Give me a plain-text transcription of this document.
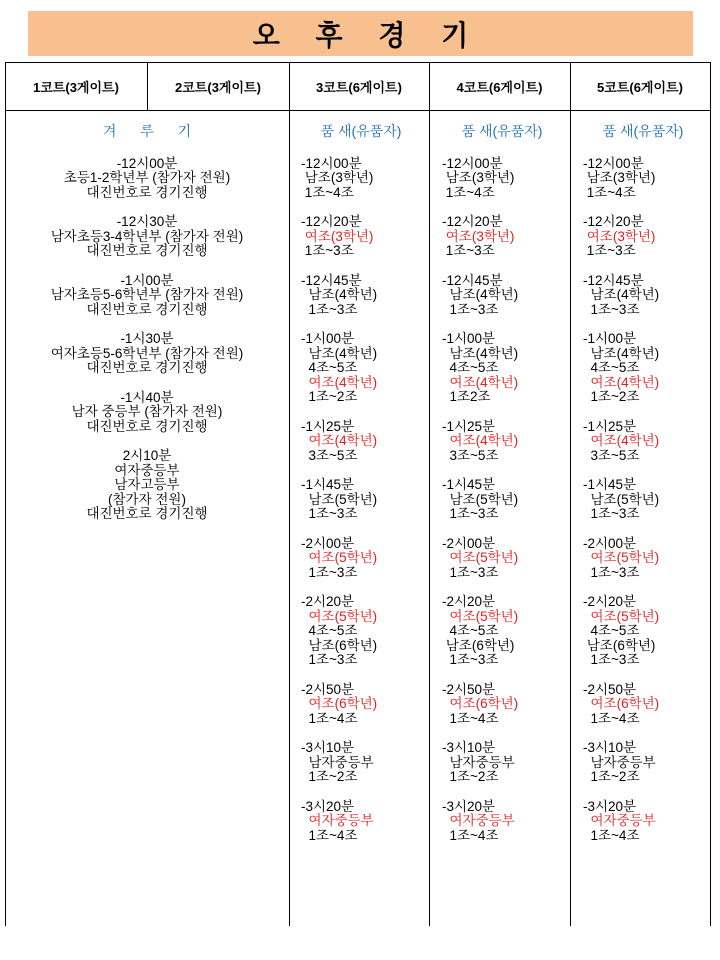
오 후 경 기
1코트(3게이트)	2코트(3게이트)	3코트(6게이트)	4코트(6게이트)	5코트(6게이트)
겨 루 기
-12시00분
초등1-2학년부 (참가자 전원)
대진번호로 경기진행
-12시30분
남자초등3-4학년부 (참가자 전원)
대진번호로 경기진행
-1시00분
남자초등5-6학년부 (참가자 전원)
대진번호로 경기진행
-1시30분
여자초등5-6학년부 (참가자 전원)
대진번호로 경기진행
-1시40분
남자 중등부 (참가자 전원)
대진번호로 경기진행
2시10분
여자중등부
남자고등부
(참가자 전원)
대진번호로 경기진행
품 새(유품자)
-12시00분
남조(3학년)
1조~4조
-12시20분
여조(3학년)
1조~3조
-12시45분
남조(4학년)
1조~3조
-1시00분
남조(4학년)
4조~5조
여조(4학년)
1조~2조
-1시25분
여조(4학년)
3조~5조
-1시45분
남조(5학년)
1조~3조
-2시00분
여조(5학년)
1조~3조
-2시20분
여조(5학년)
4조~5조
남조(6학년)
1조~3조
-2시50분
여조(6학년)
1조~4조
-3시10분
남자중등부
1조~2조
-3시20분
여자중등부
1조~4조
품 새(유품자)
-12시00분
남조(3학년)
1조~4조
-12시20분
여조(3학년)
1조~3조
-12시45분
남조(4학년)
1조~3조
-1시00분
남조(4학년)
4조~5조
여조(4학년)
1조2조
-1시25분
여조(4학년)
3조~5조
-1시45분
남조(5학년)
1조~3조
-2시00분
여조(5학년)
1조~3조
-2시20분
여조(5학년)
4조~5조
남조(6학년)
1조~3조
-2시50분
여조(6학년)
1조~4조
-3시10분
남자중등부
1조~2조
-3시20분
여자중등부
1조~4조
품 새(유품자)
-12시00분
남조(3학년)
1조~4조
-12시20분
여조(3학년)
1조~3조
-12시45분
남조(4학년)
1조~3조
-1시00분
남조(4학년)
4조~5조
여조(4학년)
1조~2조
-1시25분
여조(4학년)
3조~5조
-1시45분
남조(5학년)
1조~3조
-2시00분
여조(5학년)
1조~3조
-2시20분
여조(5학년)
4조~5조
남조(6학년)
1조~3조
-2시50분
여조(6학년)
1조~4조
-3시10분
남자중등부
1조~2조
-3시20분
여자중등부
1조~4조
